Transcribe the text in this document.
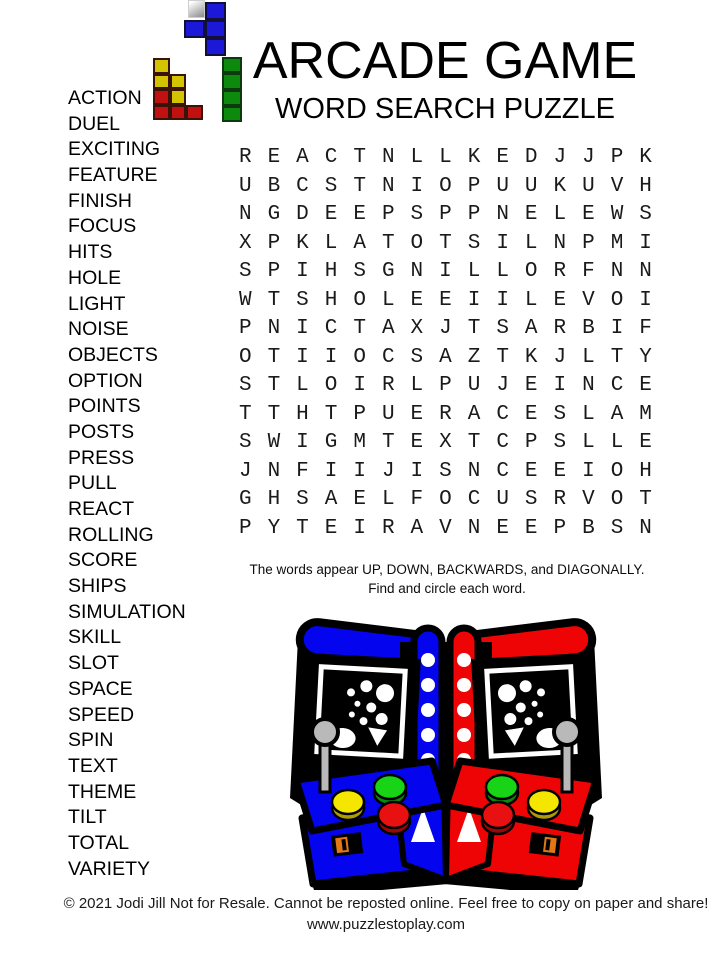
ARCADE GAME
WORD SEARCH PUZZLE
ACTION
DUEL
EXCITING
FEATURE
FINISH
FOCUS
HITS
HOLE
LIGHT
NOISE
OBJECTS
OPTION
POINTS
POSTS
PRESS
PULL
REACT
ROLLING
SCORE
SHIPS
SIMULATION
SKILL
SLOT
SPACE
SPEED
SPIN
TEXT
THEME
TILT
TOTAL
VARIETY
R E A C T N L L K E D J J P K
U B C S T N I O P U U K U V H
N G D E E P S P P N E L E W S
X P K L A T O T S I L N P M I
S P I H S G N I L L O R F N N
W T S H O L E E I I L E V O I
P N I C T A X J T S A R B I F
O T I I O C S A Z T K J L T Y
S T L O I R L P U J E I N C E
T T H T P U E R A C E S L A M
S W I G M T E X T C P S L L E
J N F I I J I S N C E E I O H
G H S A E L F O C U S R V O T
P Y T E I R A V N E E P B S N
The words appear UP, DOWN, BACKWARDS, and DIAGONALLY.
Find and circle each word.
© 2021 Jodi Jill Not for Resale. Cannot be reposted online. Feel free to copy on paper and share!
www.puzzlestoplay.com
